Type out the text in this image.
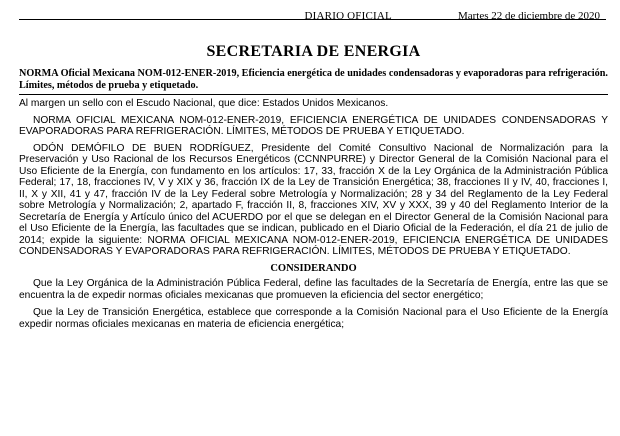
DIARIO OFICIAL	Martes 22 de diciembre de 2020
SECRETARIA DE ENERGIA
NORMA Oficial Mexicana NOM-012-ENER-2019, Eficiencia energética de unidades condensadoras y evaporadoras para refrigeración. Límites, métodos de prueba y etiquetado.

Al margen un sello con el Escudo Nacional, que dice: Estados Unidos Mexicanos.

NORMA OFICIAL MEXICANA NOM-012-ENER-2019, EFICIENCIA ENERGÉTICA DE UNIDADES CONDENSADORAS Y EVAPORADORAS PARA REFRIGERACIÓN. LÍMITES, MÉTODOS DE PRUEBA Y ETIQUETADO.

ODÓN DEMÓFILO DE BUEN RODRÍGUEZ, Presidente del Comité Consultivo Nacional de Normalización para la Preservación y Uso Racional de los Recursos Energéticos (CCNNPURRE) y Director General de la Comisión Nacional para el Uso Eficiente de la Energía, con fundamento en los artículos: 17, 33, fracción X de la Ley Orgánica de la Administración Pública Federal; 17, 18, fracciones IV, V y XIX y 36, fracción IX de la Ley de Transición Energética; 38, fracciones II y IV, 40, fracciones I, II, X y XII, 41 y 47, fracción IV de la Ley Federal sobre Metrología y Normalización; 28 y 34 del Reglamento de la Ley Federal sobre Metrología y Normalización; 2, apartado F, fracción II, 8, fracciones XIV, XV y XXX, 39 y 40 del Reglamento Interior de la Secretaría de Energía y Artículo único del ACUERDO por el que se delegan en el Director General de la Comisión Nacional para el Uso Eficiente de la Energía, las facultades que se indican, publicado en el Diario Oficial de la Federación, el día 21 de julio de 2014; expide la siguiente: NORMA OFICIAL MEXICANA NOM-012-ENER-2019, EFICIENCIA ENERGÉTICA DE UNIDADES CONDENSADORAS Y EVAPORADORAS PARA REFRIGERACIÓN. LÍMITES, MÉTODOS DE PRUEBA Y ETIQUETADO.

CONSIDERANDO

Que la Ley Orgánica de la Administración Pública Federal, define las facultades de la Secretaría de Energía, entre las que se encuentra la de expedir normas oficiales mexicanas que promueven la eficiencia del sector energético;

Que la Ley de Transición Energética, establece que corresponde a la Comisión Nacional para el Uso Eficiente de la Energía expedir normas oficiales mexicanas en materia de eficiencia energética;
